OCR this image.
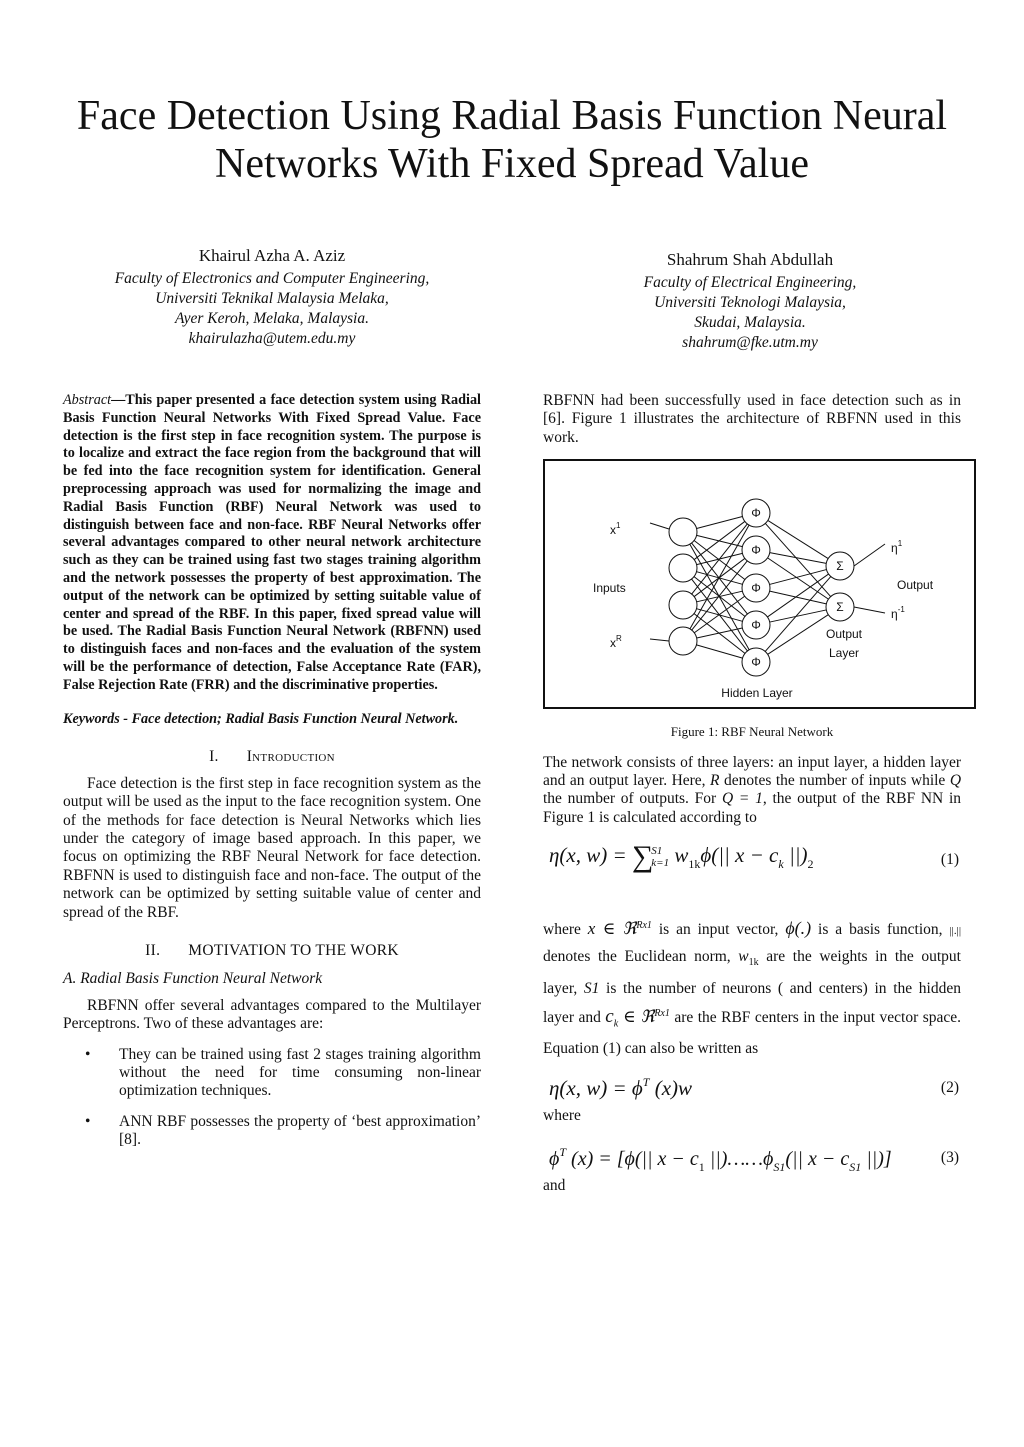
Face Detection Using Radial Basis Function Neural Networks With Fixed Spread Value
Khairul Azha A. Aziz
Faculty of Electronics and Computer Engineering,
Universiti Teknikal Malaysia Melaka,
Ayer Keroh, Melaka, Malaysia.
khairulazha@utem.edu.my
Shahrum Shah Abdullah
Faculty of Electrical Engineering,
Universiti Teknologi Malaysia,
Skudai, Malaysia.
shahrum@fke.utm.my

Abstract—This paper presented a face detection system using Radial Basis Function Neural Networks With Fixed Spread Value. Face detection is the first step in face recognition system. The purpose is to localize and extract the face region from the background that will be fed into the face recognition system for identification. General preprocessing approach was used for normalizing the image and Radial Basis Function (RBF) Neural Network was used to distinguish between face and non-face. RBF Neural Networks offer several advantages compared to other neural network architecture such as they can be trained using fast two stages training algorithm and the network possesses the property of best approximation. The output of the network can be optimized by setting suitable value of center and spread of the RBF. In this paper, fixed spread value will be used. The Radial Basis Function Neural Network (RBFNN) used to distinguish faces and non-faces and the evaluation of the system will be the performance of detection, False Acceptance Rate (FAR), False Rejection Rate (FRR) and the discriminative properties.

Keywords - Face detection; Radial Basis Function Neural Network.

I. Introduction

Face detection is the first step in face recognition system as the output will be used as the input to the face recognition system. One of the methods for face detection is Neural Networks which lies under the category of image based approach. In this paper, we focus on optimizing the RBF Neural Network for face detection. RBFNN is used to distinguish face and non-face. The output of the network can be optimized by setting suitable value of center and spread of the RBF.

II. MOTIVATION TO THE WORK
A. Radial Basis Function Neural Network

RBFNN offer several advantages compared to the Multilayer Perceptrons. Two of these advantages are:

• They can be trained using fast 2 stages training algorithm without the need for time consuming non-linear optimization techniques.
• ANN RBF possesses the property of ‘best approximation’ [8].

RBFNN had been successfully used in face detection such as in [6]. Figure 1 illustrates the architecture of RBFNN used in this work.

Φ
Φ
Φ
Φ
Φ
Σ
Σ
$x^1$
Inputs
$x^R$
$\eta^1$
Output
$\eta^{-1}$
Output
Layer
Hidden Layer
Figure 1: RBF Neural Network

The network consists of three layers: an input layer, a hidden layer and an output layer. Here, R denotes the number of inputs while Q the number of outputs. For Q = 1, the output of the RBF NN in Figure 1 is calculated according to

η(x, w) = ∑
S1
k=1 $w_{1k}\phi(||$ $x - c_k$ $||)_2$	(1)

where x ∈ ℜ$^{Rx1}$ is an input vector, ϕ(.) is a basis function, ||.|| denotes the Euclidean norm, $w_{1k}$ are the weights in the output layer, S1 is the number of neurons ( and centers) in the hidden layer and $c_k$ ∈ ℜ$^{Rx1}$ are the RBF centers in the input vector space. Equation (1) can also be written as

η(x, $w) = \phi^T$ (x)w	(2)
where
$\phi^T$ (x) = [ϕ(|| $x - c_1$ $||)\dots\dots\phi_{S1}(||$ $x - c_{S1}$ ||)]	(3)
and
